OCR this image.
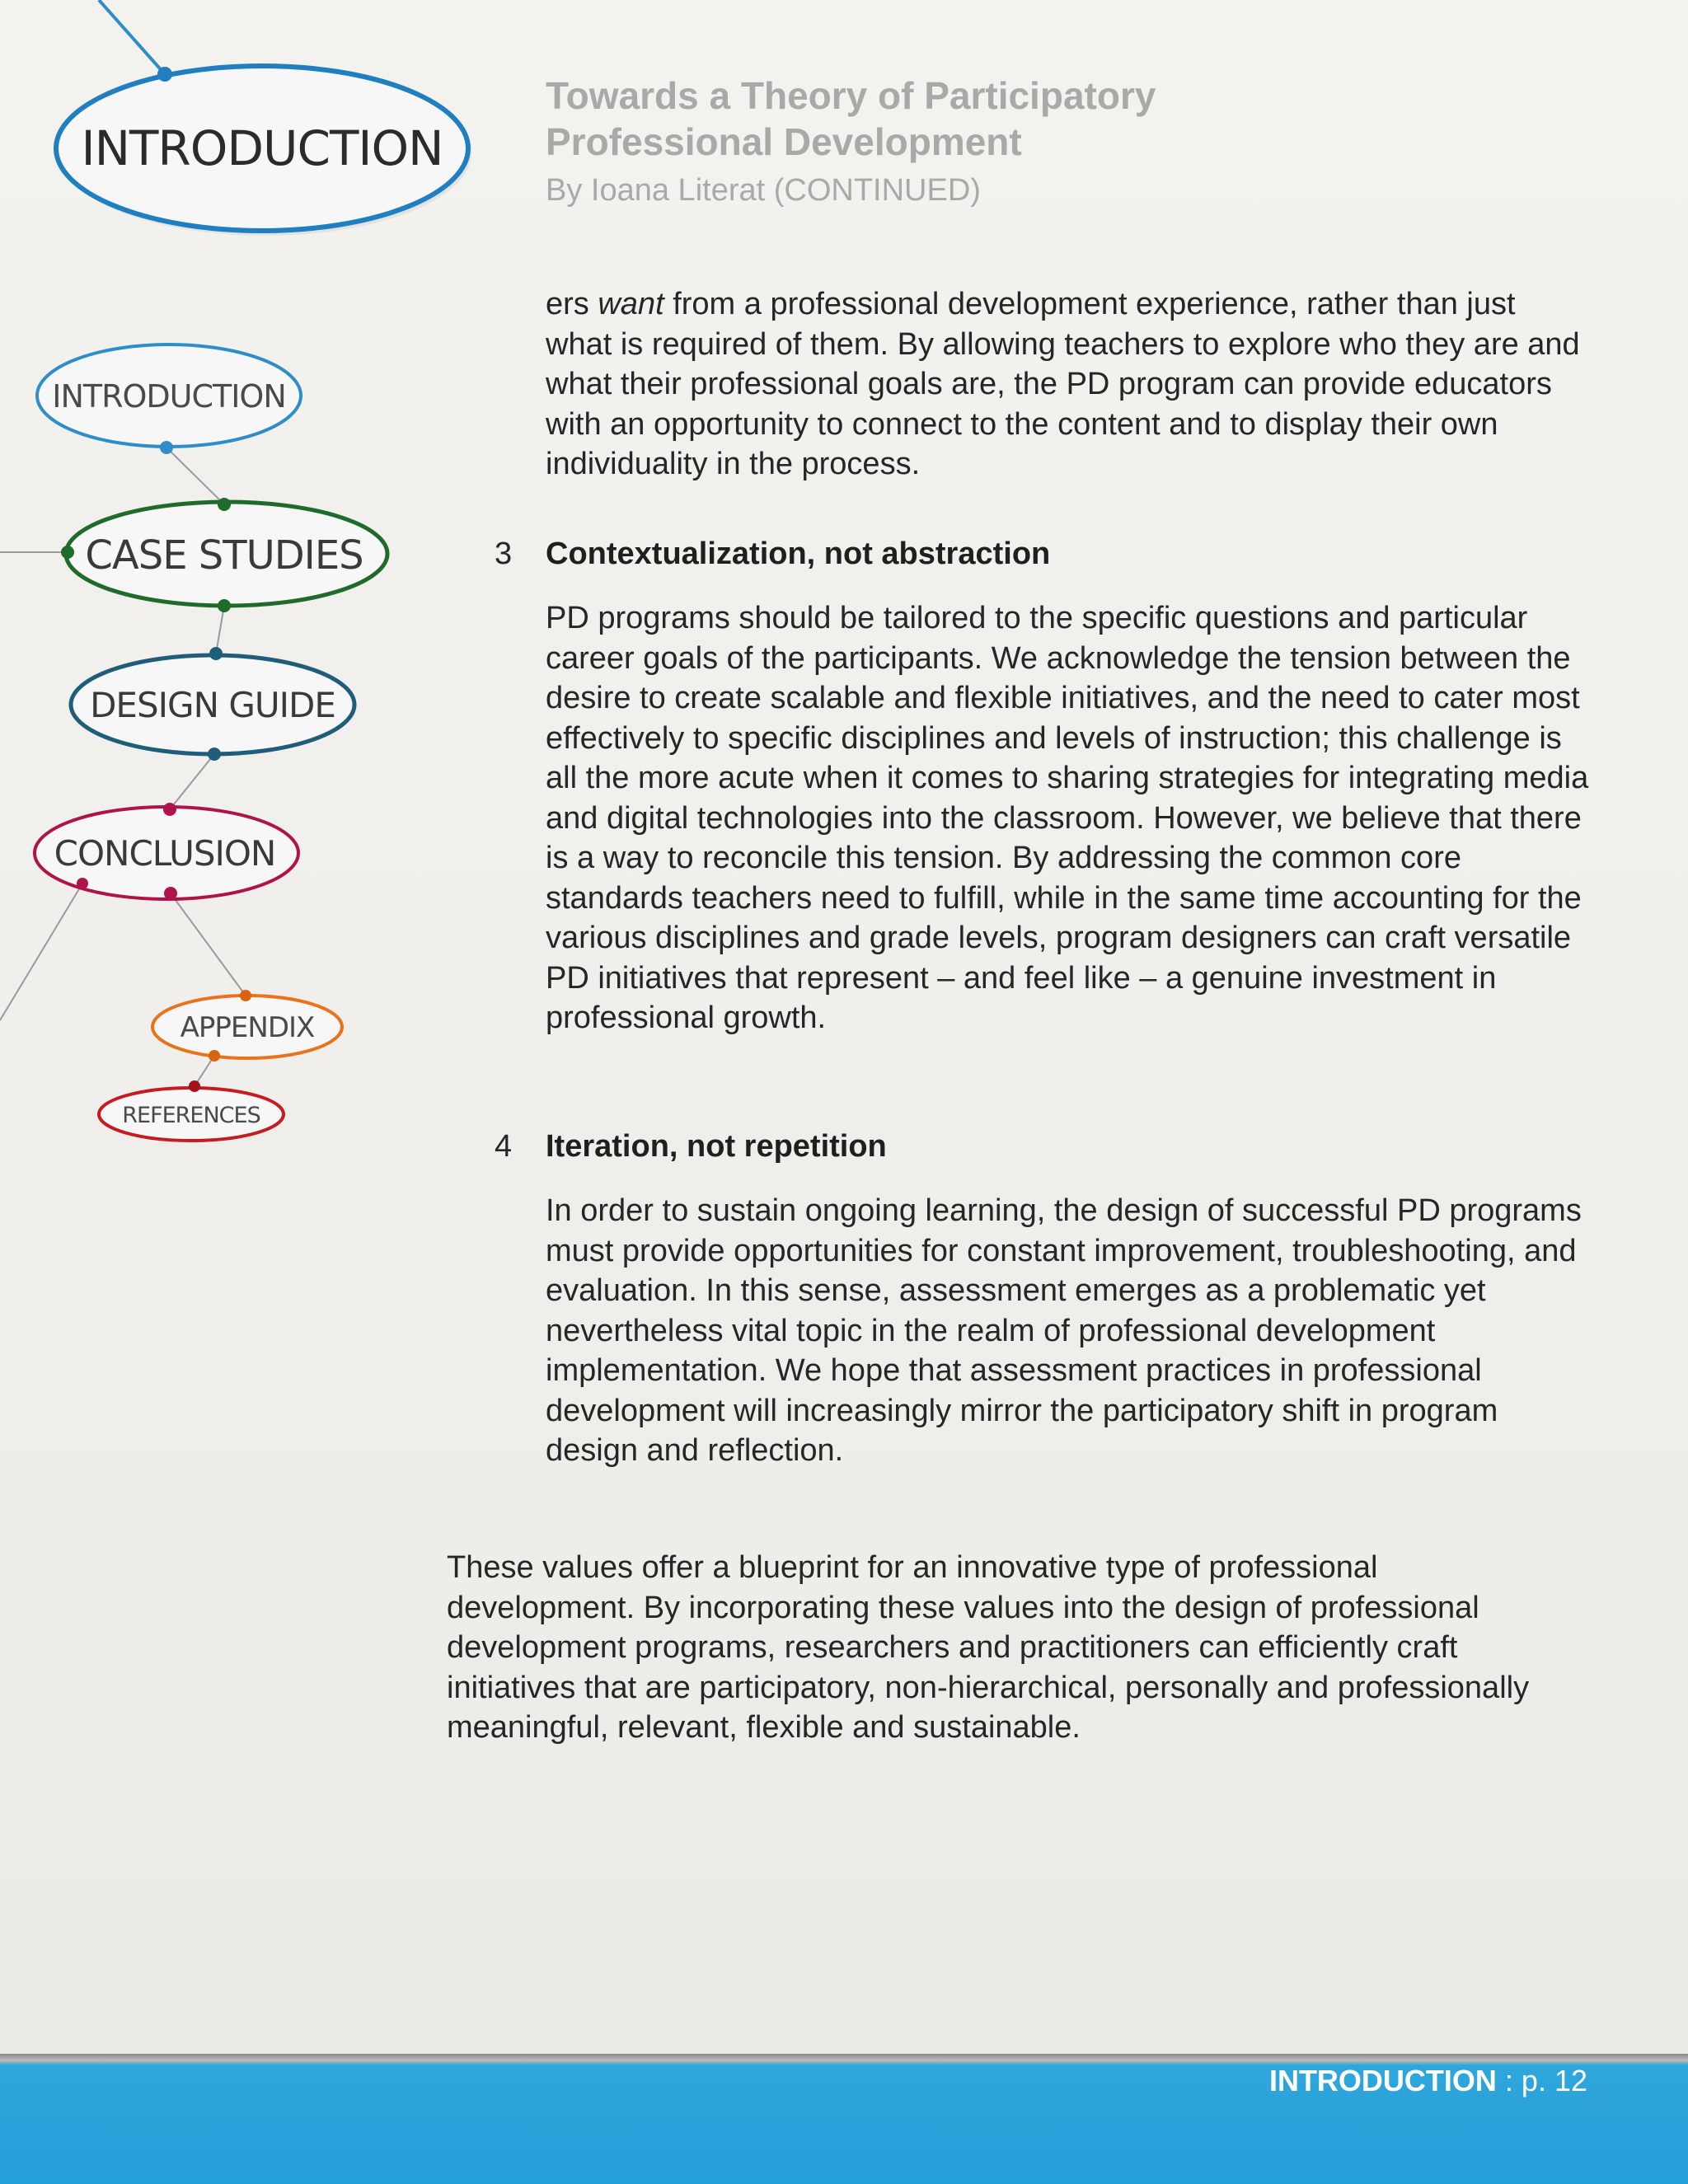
INTRODUCTION
INTRODUCTION
CASE STUDIES
DESIGN GUIDE
CONCLUSION
APPENDIX
REFERENCES
Towards a Theory of Participatory
Professional Development
By Ioana Literat (CONTINUED)

ers want from a professional development experience, rather than just what is required of them. By allowing teachers to explore who they are and what their professional goals are, the PD program can provide educators with an opportunity to connect to the content and to display their own individuality in the process.

3	Contextualization, not abstraction

PD programs should be tailored to the specific questions and particular career goals of the participants. We acknowledge the tension between the desire to create scalable and flexible initiatives, and the need to cater most effectively to specific disciplines and levels of instruction; this challenge is all the more acute when it comes to sharing strategies for integrating media and digital technologies into the classroom. However, we believe that there is a way to reconcile this tension. By addressing the common core standards teachers need to fulfill, while in the same time accounting for the various disciplines and grade levels, program designers can craft versatile PD initiatives that represent – and feel like – a genuine investment in professional growth.

4	Iteration, not repetition

In order to sustain ongoing learning, the design of successful PD programs must provide opportunities for constant improvement, troubleshooting, and evaluation. In this sense, assessment emerges as a problematic yet nevertheless vital topic in the realm of professional development implementation. We hope that assessment practices in professional development will increasingly mirror the participatory shift in program design and reflection.

These values offer a blueprint for an innovative type of professional development. By incorporating these values into the design of professional development programs, researchers and practitioners can efficiently craft initiatives that are participatory, non-hierarchical, personally and professionally meaningful, relevant, flexible and sustainable.

INTRODUCTION : p. 12
